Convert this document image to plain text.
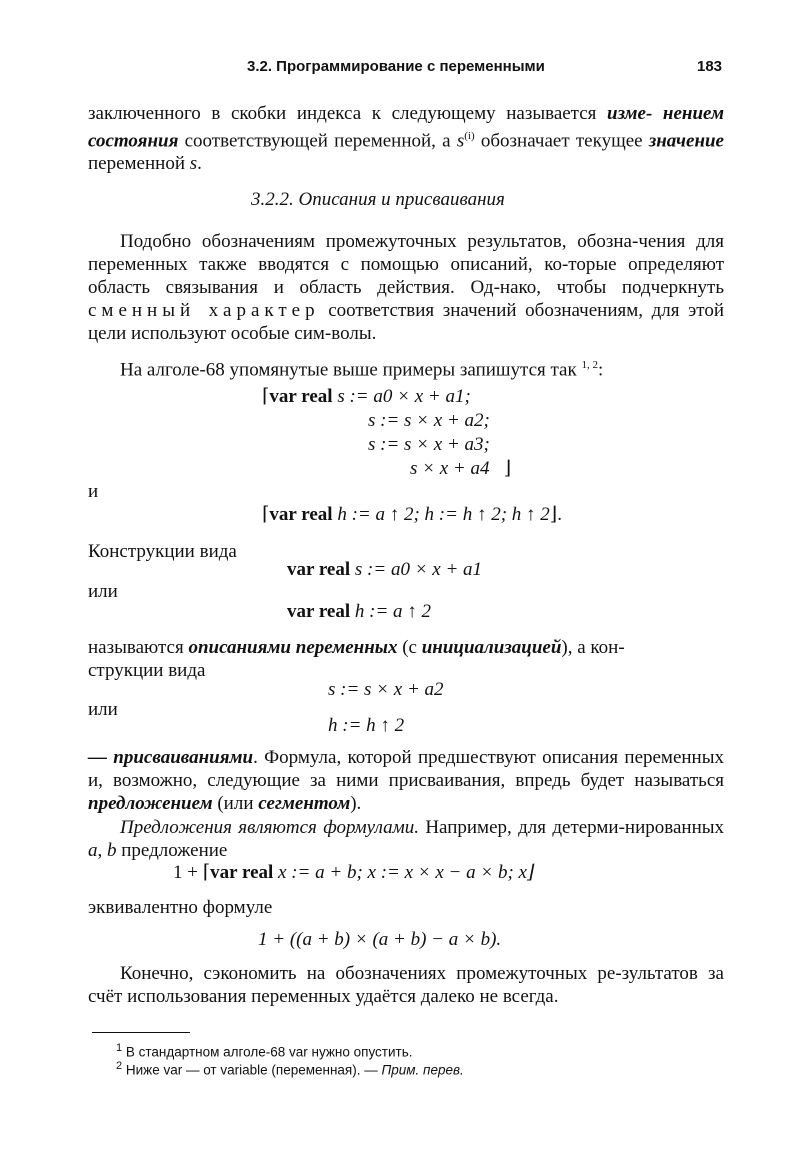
3.2. Программирование с переменными	183
заключенного в скобки индекса к следующему называется изме- нением состояния соответствующей переменной, а $s^{(i)}$ обозначает текущее значение переменной s.
3.2.2. Описания и присваивания
Подобно обозначениям промежуточных результатов, обозна-чения для переменных также вводятся с помощью описаний, ко-торые определяют область связывания и область действия. Од-нако, чтобы подчеркнуть сменный характер соответствия значений обозначениям, для этой цели используют особые сим-волы.
На алголе-68 упомянутые выше примеры запишутся так $^{1, 2}$:
⌈var real s := a0 × x + a1;
s := s × x + a2;
s := s × x + a3;
s × x + a4 ⌋
и
⌈var real h := a ↑ 2; h := h ↑ 2; h ↑ 2⌋.
Конструкции вида
var real s := a0 × x + a1
или
var real h := a ↑ 2
называются описаниями переменных (с инициализацией), а кон-
струкции вида
s := s × x + a2
или
h := h ↑ 2
— присваиваниями. Формула, которой предшествуют описания переменных и, возможно, следующие за ними присваивания, впредь будет называться предложением (или сегментом).
Предложения являются формулами. Например, для детерми-нированных a, b предложение
1 + ⌈var real x := a + b; x := x × x − a × b; x⌋
эквивалентно формуле
1 + ((a + b) × (a + b) − a × b).
Конечно, сэкономить на обозначениях промежуточных ре-зультатов за счёт использования переменных удаётся далеко не всегда.
$^1$ В стандартном алголе-68 var нужно опустить.
$^2$ Ниже var — от variable (переменная). — Прим. перев.
